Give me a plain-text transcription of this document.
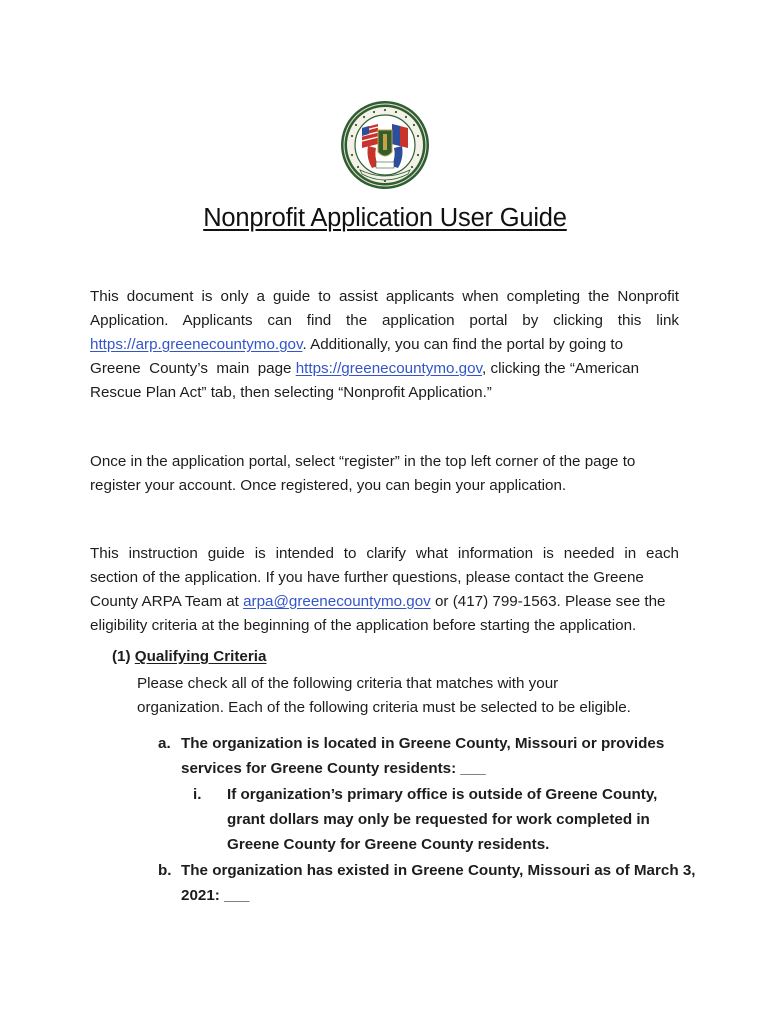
Nonprofit Application User Guide
This document is only a guide to assist applicants when completing the Nonprofit
Application. Applicants can find the application portal by clicking this link
https://arp.greenecountymo.gov. Additionally, you can find the portal by going to
Greene  County’s  main  page https://greenecountymo.gov, clicking the “American
Rescue Plan Act” tab, then selecting “Nonprofit Application.”
Once in the application portal, select “register” in the top left corner of the page to
register your account. Once registered, you can begin your application.
This instruction guide is intended to clarify what information is needed in each
section of the application. If you have further questions, please contact the Greene
County ARPA Team at arpa@greenecountymo.gov or (417) 799-1563. Please see the
eligibility criteria at the beginning of the application before starting the application.
(1) Qualifying Criteria
Please check all of the following criteria that matches with your
organization. Each of the following criteria must be selected to be eligible.
a. The organization is located in Greene County, Missouri or provides
services for Greene County residents: ___
i. If organization’s primary office is outside of Greene County,
grant dollars may only be requested for work completed in
Greene County for Greene County residents.
b. The organization has existed in Greene County, Missouri as of March 3,
2021: ___
